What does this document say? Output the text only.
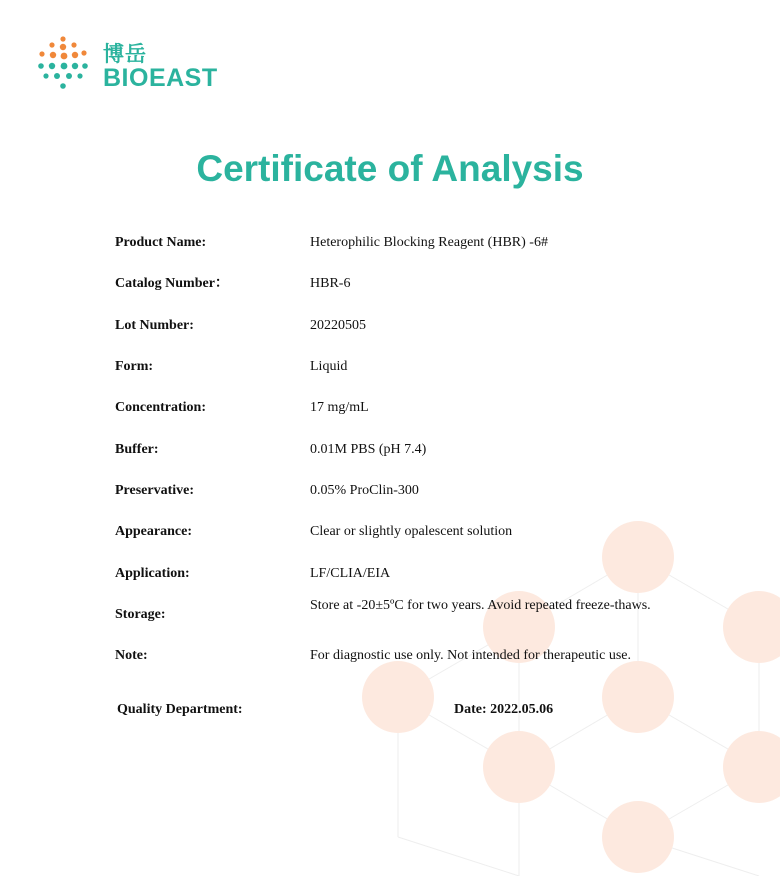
博岳
BIOEAST
Certificate of Analysis
Product Name:	Heterophilic Blocking Reagent (HBR) -6#
Catalog Number：	HBR-6
Lot Number:	20220505
Form:	Liquid
Concentration:	17 mg/mL
Buffer:	0.01M PBS (pH 7.4)
Preservative:	0.05% ProClin-300
Appearance:	Clear or slightly opalescent solution
Application:	LF/CLIA/EIA
Storage:
Store at -20±5ºC for two years. Avoid repeated freeze-thaws.
Note:	For diagnostic use only. Not intended for therapeutic use.
Quality Department:	Date: 2022.05.06
